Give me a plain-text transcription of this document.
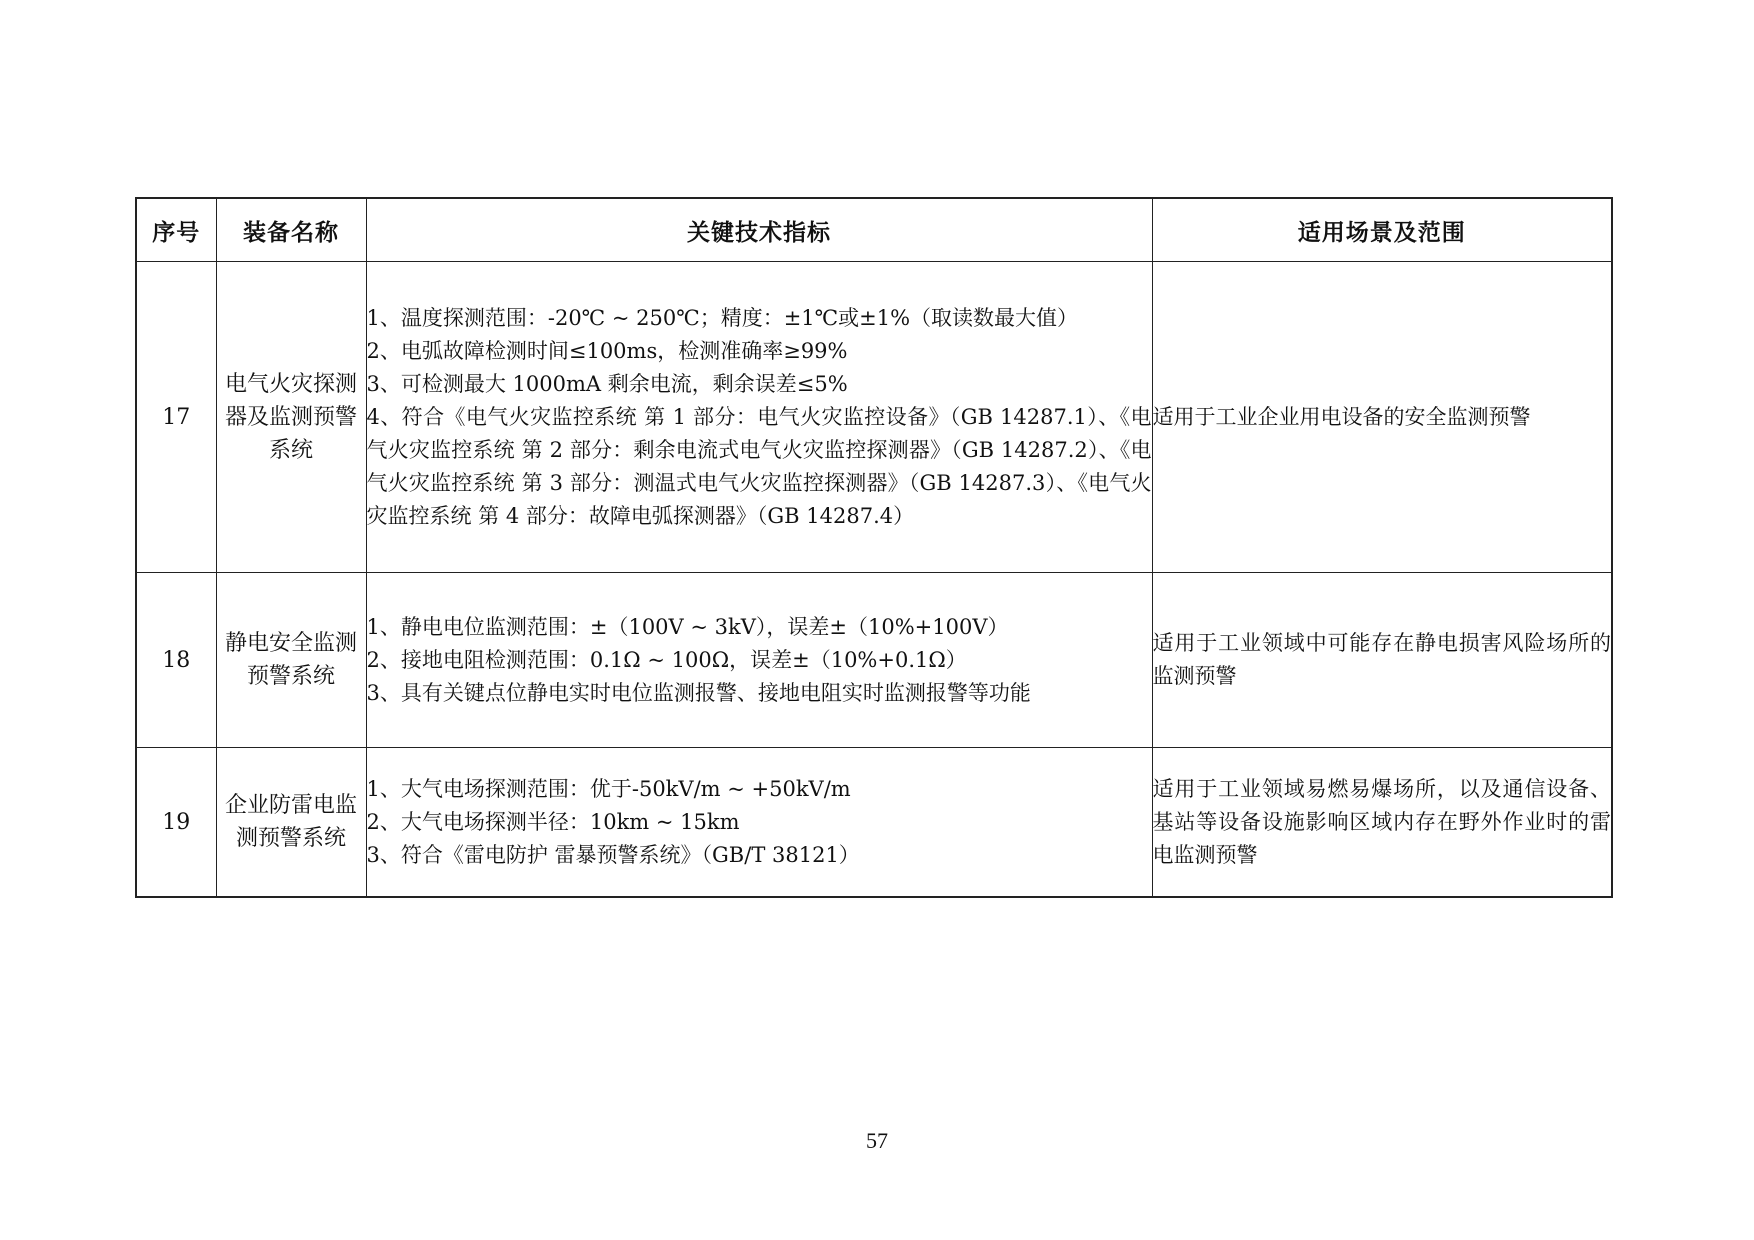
序号	装备名称	关键技术指标	适用场景及范围
17	电气火灾探测器及监测预警系统	1、温度探测范围：-20℃ ~ 250℃；精度：±1℃或±1%（取读数最大值）
2、电弧故障检测时间≤100ms，检测准确率≥99%
3、可检测最大 1000mA 剩余电流，剩余误差≤5%
4、符合《电气火灾监控系统 第 1 部分：电气火灾监控设备》（GB 14287.1）、《电气火灾监控系统 第 2 部分：剩余电流式电气火灾监控探测器》（GB 14287.2）、《电气火灾监控系统 第 3 部分：测温式电气火灾监控探测器》（GB 14287.3）、《电气火灾监控系统 第 4 部分：故障电弧探测器》（GB 14287.4）	适用于工业企业用电设备的安全监测预警
18	静电安全监测预警系统	1、静电电位监测范围：±（100V ~ 3kV），误差±（10%+100V）
2、接地电阻检测范围：0.1Ω ~ 100Ω，误差±（10%+0.1Ω）
3、具有关键点位静电实时电位监测报警、接地电阻实时监测报警等功能	适用于工业领域中可能存在静电损害风险场所的监测预警
19	企业防雷电监测预警系统	1、大气电场探测范围：优于-50kV/m ~ +50kV/m
2、大气电场探测半径：10km ~ 15km
3、符合《雷电防护 雷暴预警系统》（GB/T 38121）	适用于工业领域易燃易爆场所，以及通信设备、基站等设备设施影响区域内存在野外作业时的雷电监测预警
57
